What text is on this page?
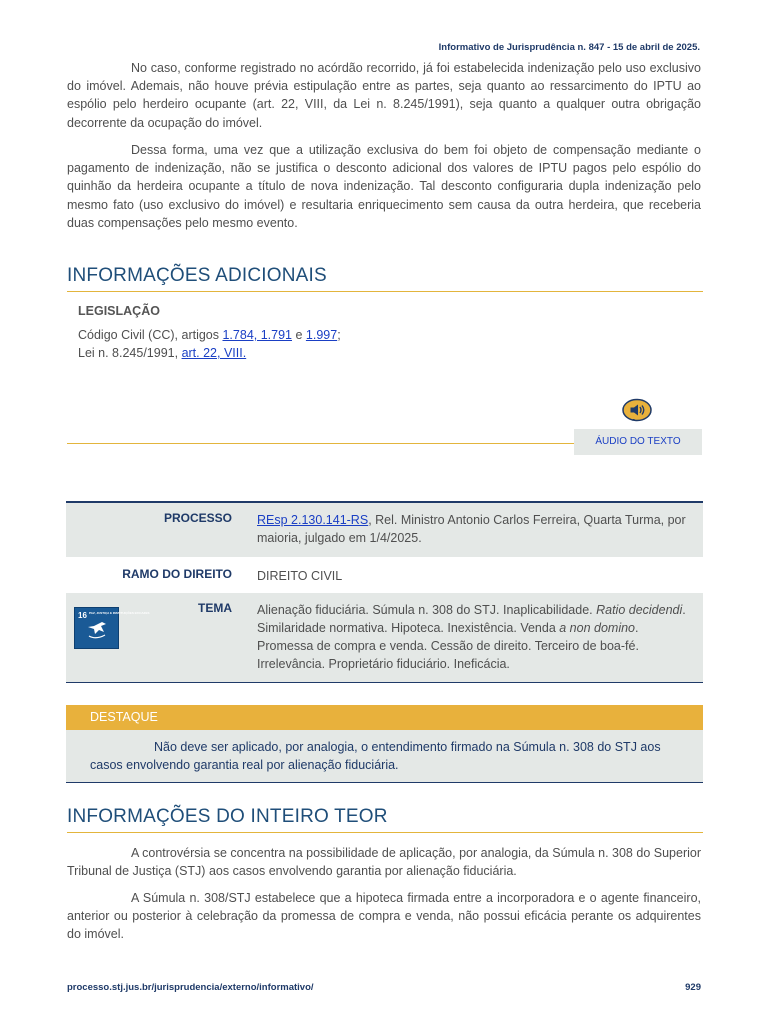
Informativo de Jurisprudência n. 847 - 15 de abril de 2025.

No caso, conforme registrado no acórdão recorrido, já foi estabelecida indenização pelo uso exclusivo do imóvel. Ademais, não houve prévia estipulação entre as partes, seja quanto ao ressarcimento do IPTU ao espólio pelo herdeiro ocupante (art. 22, VIII, da Lei n. 8.245/1991), seja quanto a qualquer outra obrigação decorrente da ocupação do imóvel.

Dessa forma, uma vez que a utilização exclusiva do bem foi objeto de compensação mediante o pagamento de indenização, não se justifica o desconto adicional dos valores de IPTU pagos pelo espólio do quinhão da herdeira ocupante a título de nova indenização. Tal desconto configuraria dupla indenização pelo mesmo fato (uso exclusivo do imóvel) e resultaria enriquecimento sem causa da outra herdeira, que receberia duas compensações pelo mesmo evento.

INFORMAÇÕES ADICIONAIS
LEGISLAÇÃO
Código Civil (CC), artigos 1.784, 1.791 e 1.997;
Lei n. 8.245/1991, art. 22, VIII.
ÁUDIO DO TEXTO
PROCESSO	REsp 2.130.141-RS, Rel. Ministro Antonio Carlos Ferreira, Quarta Turma, por maioria, julgado em 1/4/2025.
RAMO DO DIREITO	DIREITO CIVIL
16 PAZ, JUSTIÇA E INSTITUIÇÕES EFICAZES	TEMA	Alienação fiduciária. Súmula n. 308 do STJ. Inaplicabilidade. Ratio decidendi. Similaridade normativa. Hipoteca. Inexistência. Venda a non domino. Promessa de compra e venda. Cessão de direito. Terceiro de boa-fé. Irrelevância. Proprietário fiduciário. Ineficácia.
DESTAQUE
Não deve ser aplicado, por analogia, o entendimento firmado na Súmula n. 308 do STJ aos casos envolvendo garantia real por alienação fiduciária.
INFORMAÇÕES DO INTEIRO TEOR

A controvérsia se concentra na possibilidade de aplicação, por analogia, da Súmula n. 308 do Superior Tribunal de Justiça (STJ) aos casos envolvendo garantia por alienação fiduciária.

A Súmula n. 308/STJ estabelece que a hipoteca firmada entre a incorporadora e o agente financeiro, anterior ou posterior à celebração da promessa de compra e venda, não possui eficácia perante os adquirentes do imóvel.

processo.stj.jus.br/jurisprudencia/externo/informativo/	929
